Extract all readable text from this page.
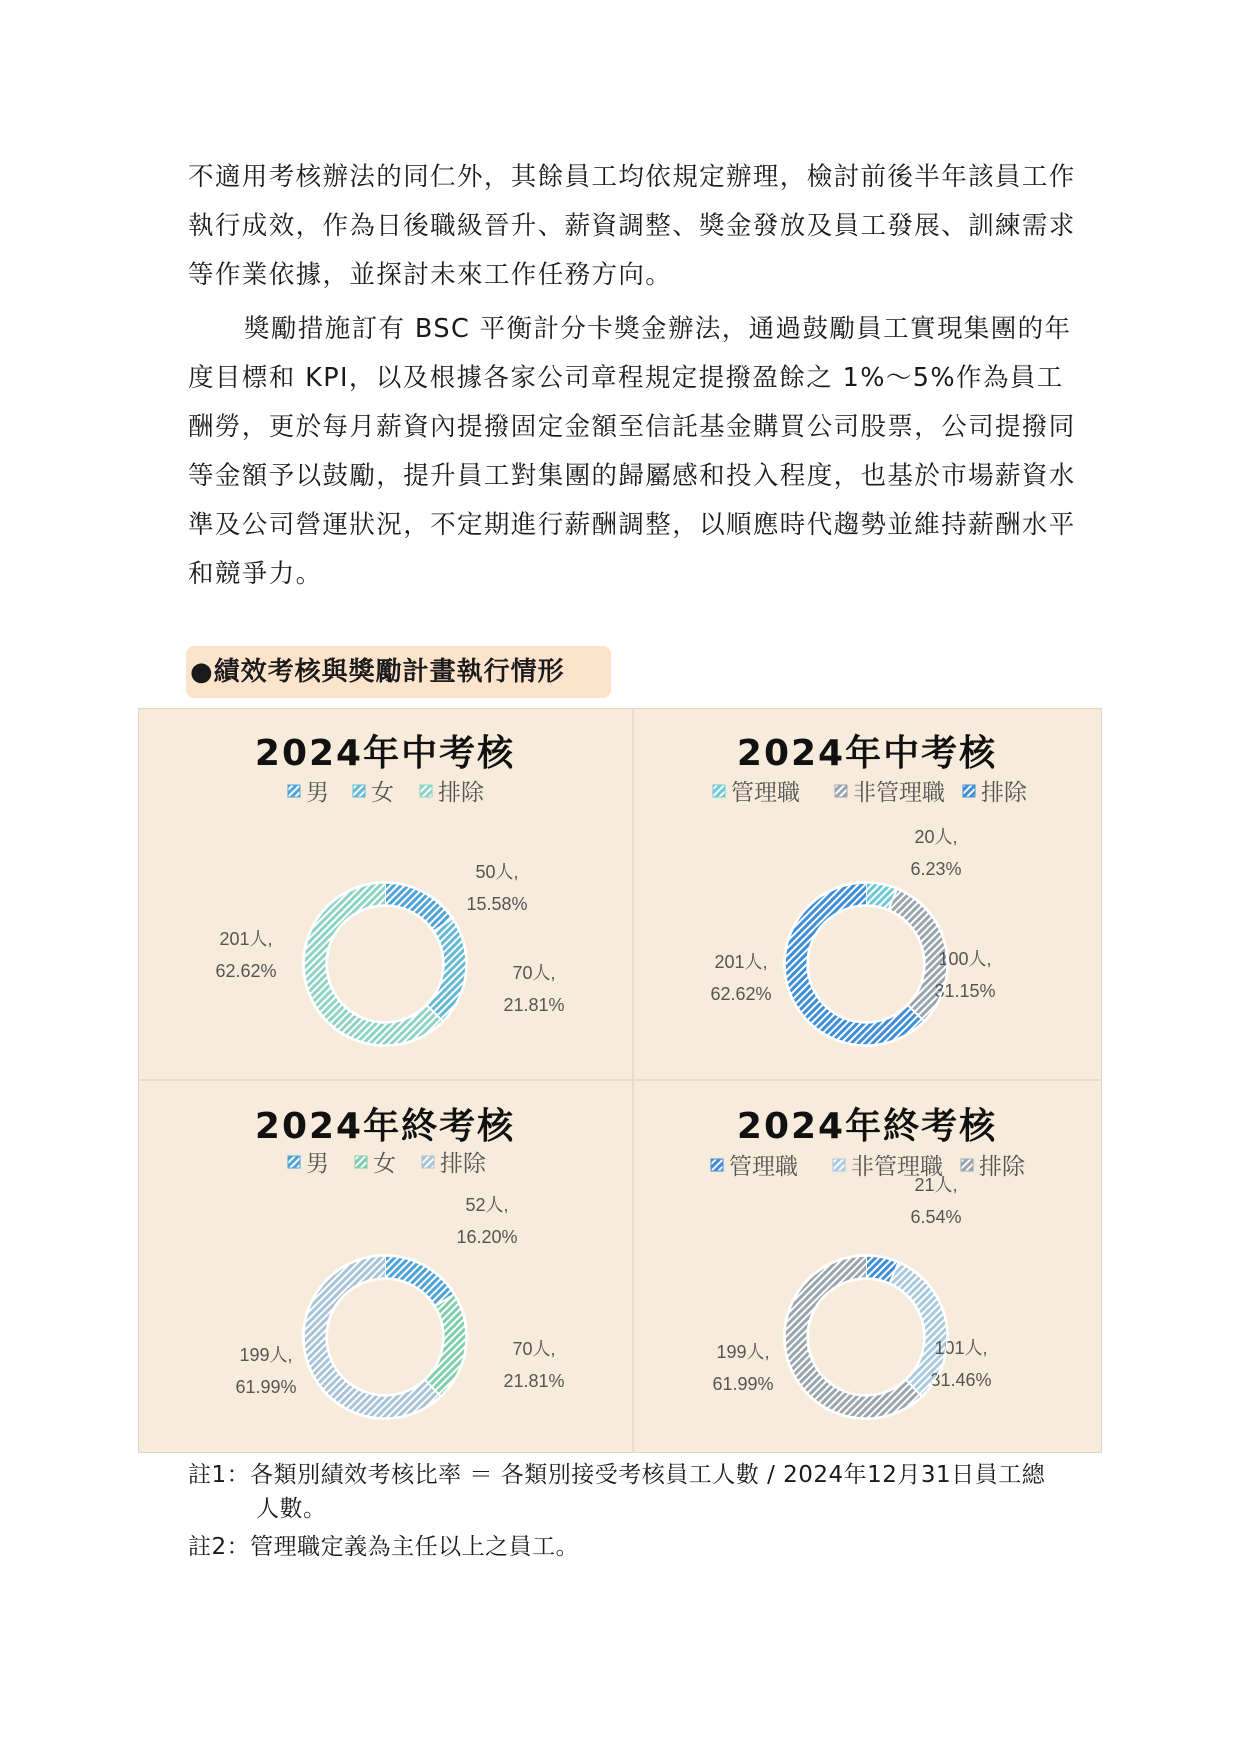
不適用考核辦法的同仁外，其餘員工均依規定辦理，檢討前後半年該員工作執行成效，作為日後職級晉升、薪資調整、獎金發放及員工發展、訓練需求等作業依據，並探討未來工作任務方向。

獎勵措施訂有 BSC 平衡計分卡獎金辦法，通過鼓勵員工實現集團的年度目標和 KPI，以及根據各家公司章程規定提撥盈餘之 1%～5%作為員工酬勞，更於每月薪資內提撥固定金額至信託基金購買公司股票，公司提撥同等金額予以鼓勵，提升員工對集團的歸屬感和投入程度，也基於市場薪資水準及公司營運狀況，不定期進行薪酬調整，以順應時代趨勢並維持薪酬水平和競爭力。

●績效考核與獎勵計畫執行情形
2024年中考核
男
50人,
15.58%
女
70人,
21.81%
排除
201人,
62.62%
2024年中考核
管理職
20人,
6.23%
非管理職
100人,
31.15%
排除
201人,
62.62%
2024年終考核
男
52人,
16.20%
女
70人,
21.81%
排除
199人,
61.99%
2024年終考核
管理職
21人,
6.54%
非管理職
101人,
31.46%
排除
199人,
61.99%

註1：各類別績效考核比率 ＝ 各類別接受考核員工人數 / 2024年12月31日員工總
人數。

註2：管理職定義為主任以上之員工。
